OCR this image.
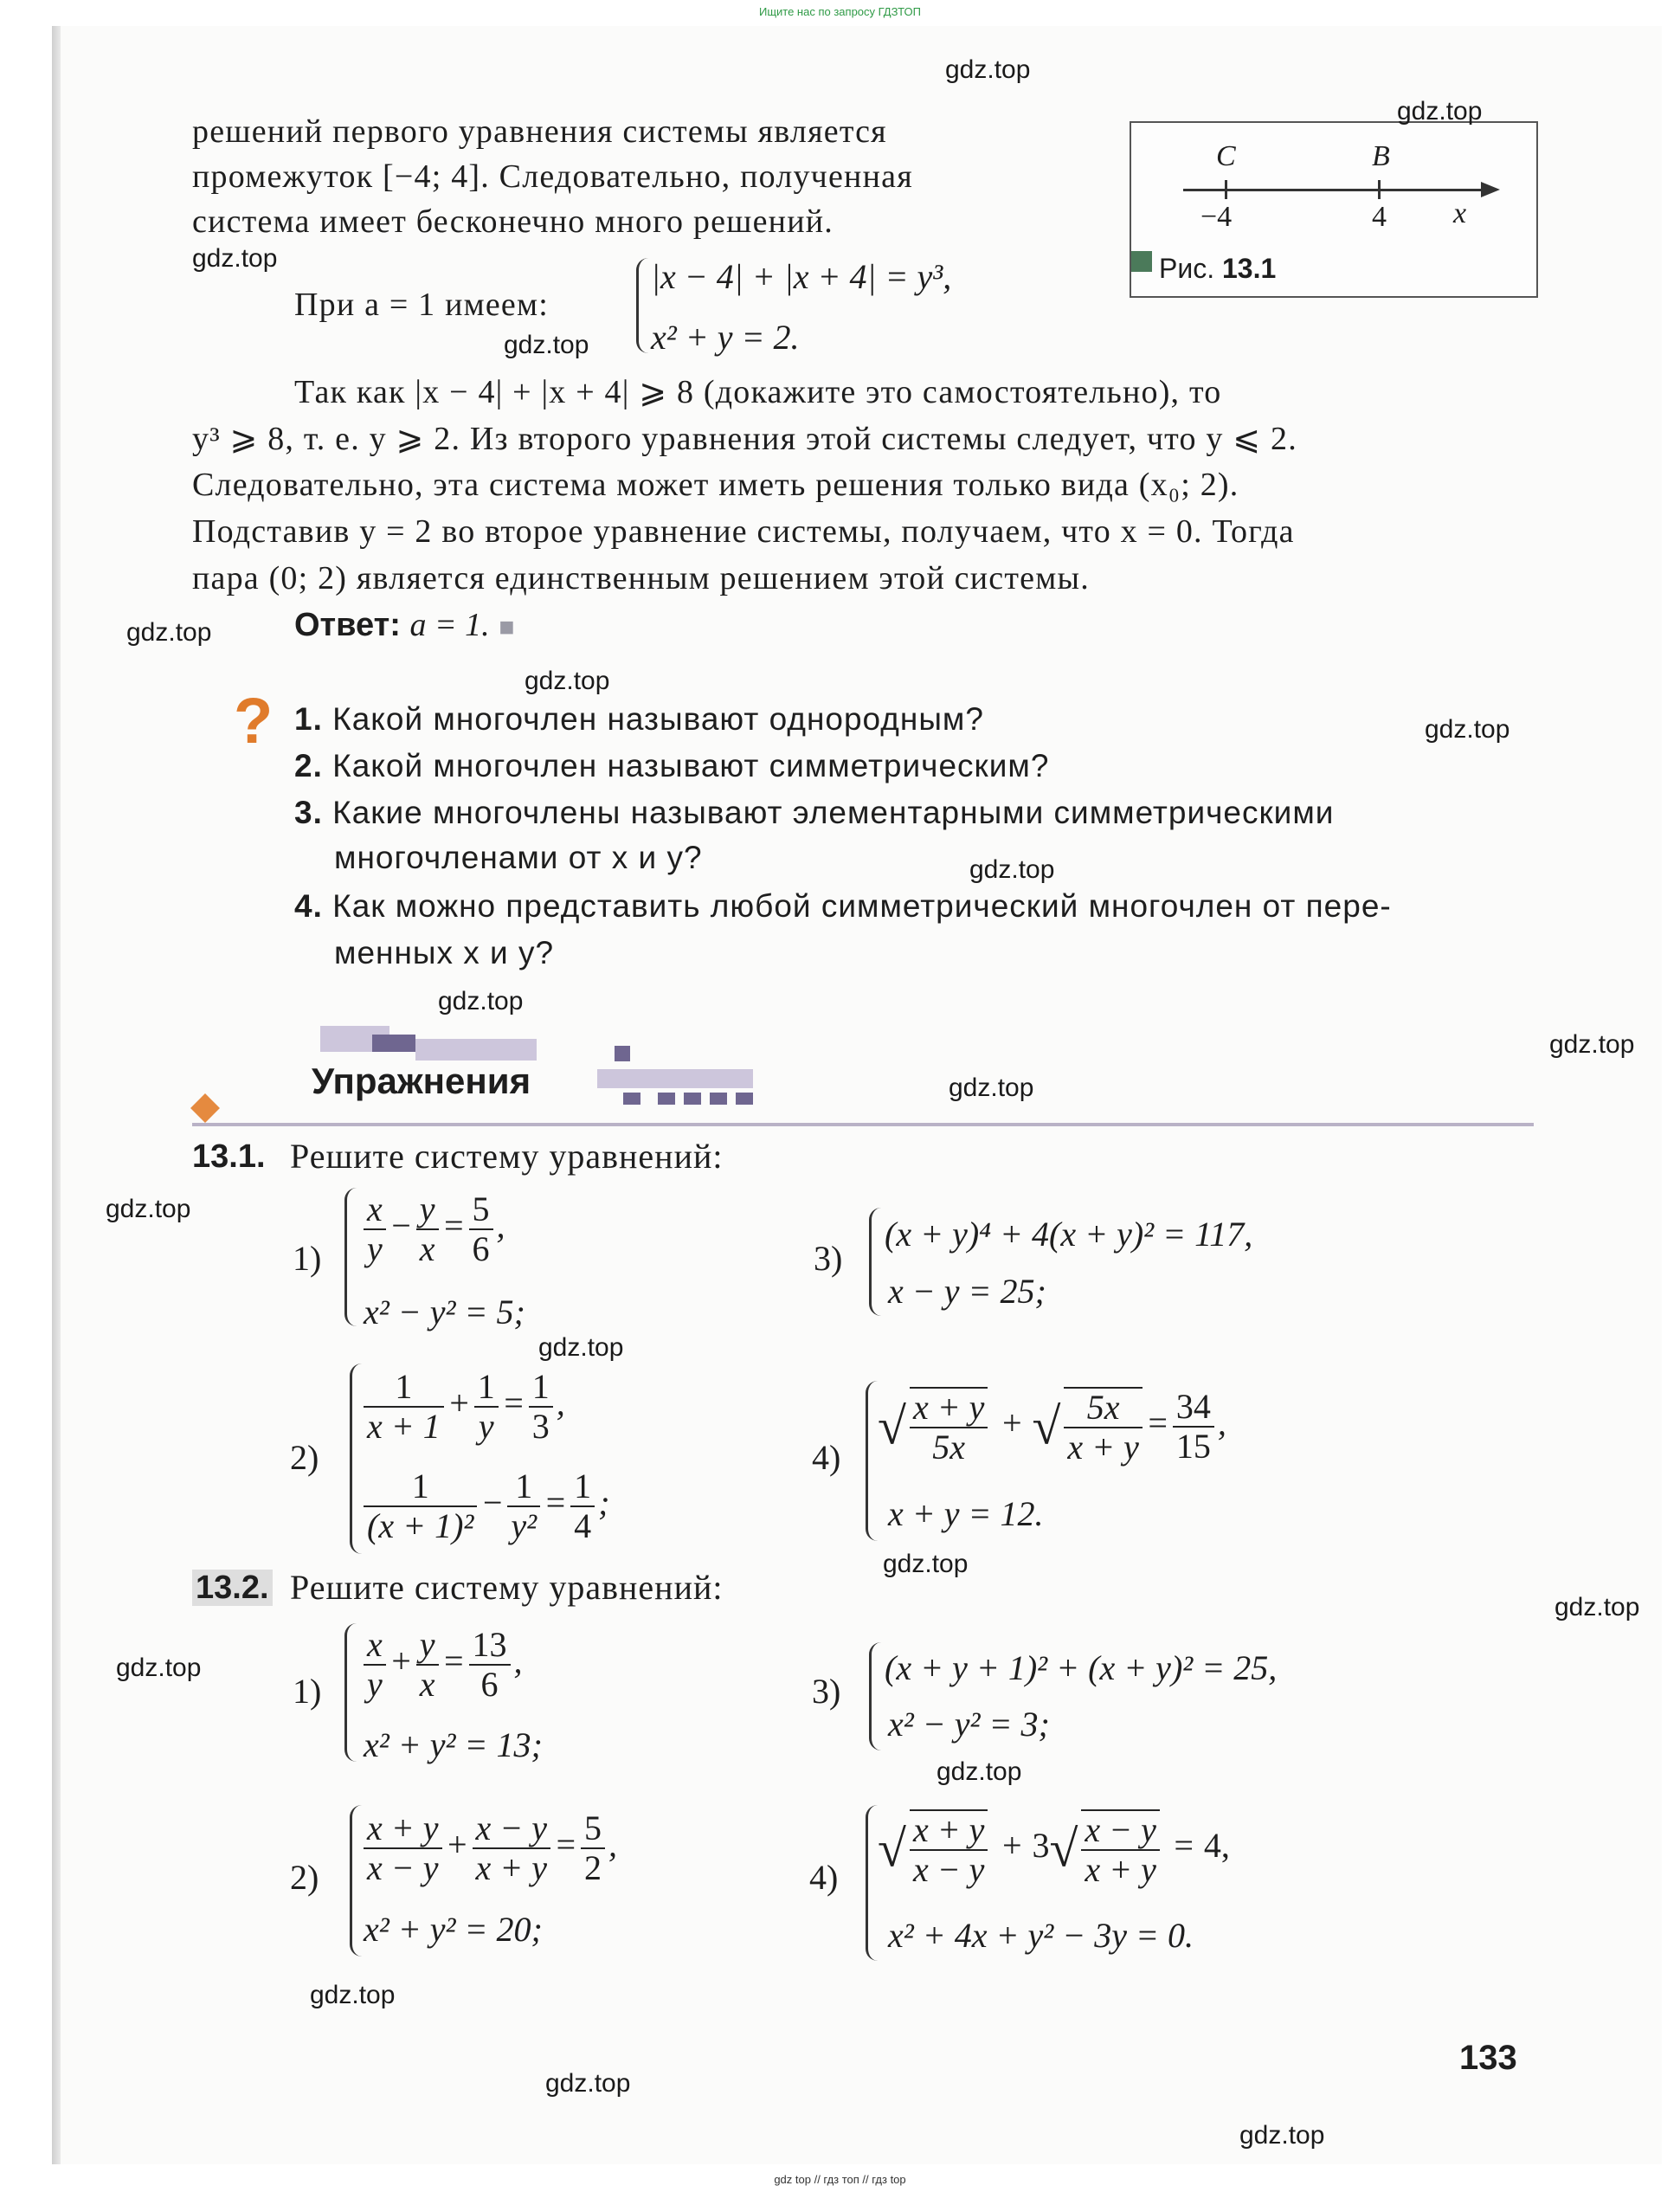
Ищите нас по запросу ГДЗТОП
решений первого уравнения системы является
промежуток [−4; 4]. Следовательно, полученная
система имеет бесконечно много решений.
При a = 1 имеем:
|x − 4| + |x + 4| = y³,
x² + y = 2.
C	B
−4	4 x
Рис. 13.1
Так как |x − 4| + |x + 4| ⩾ 8 (докажите это самостоятельно), то
y³ ⩾ 8, т. е. y ⩾ 2. Из второго уравнения этой системы следует, что y ⩽ 2.
Следовательно, эта система может иметь решения только вида (x₀; 2).
Подставив y = 2 во второе уравнение системы, получаем, что x = 0. Тогда
пара (0; 2) является единственным решением этой системы.
Ответ: a = 1. ■
? 1. Какой многочлен называют однородным?
2. Какой многочлен называют симметрическим?
3. Какие многочлены называют элементарными симметрическими
многочленами от x и y?
4. Как можно представить любой симметрический многочлен от пере-
менных x и y?
Упражнения
13.1. Решите систему уравнений:
$1) \frac{x}{y} - \frac{y}{x} = \frac{5}{6}$ ,
x² − y² = 5;
3)
(x + y)⁴ + 4(x + y)² = 117,
x − y = 25;
2)
$\frac{1}{x + 1} + \frac{1}{y} = \frac{1}{3}$ ,
$\frac{1}{\text{(x + 1)²}} - \frac{1}{\text{y²}} = \frac{1}{4}$ ;
4)
√ $\frac{x + y}{5x}$ + √ $\frac{5x}{x + y} = \frac{34}{15}$ ,
x + y = 12.
13.2. Решите систему уравнений:
$1) \frac{x}{y} + \frac{y}{x} = \frac{13}{6}$ ,
x² + y² = 13;
3)
(x + y + 1)² + (x + y)² = 25,
x² − y² = 3;
$2) \frac{x + y}{x - y} + \frac{x - y}{x + y} = \frac{5}{2}$ ,
x² + y² = 20;
4) √ $\frac{x + y}{x - y} + 3√ \frac{x - y}{x + y} = 4$,
x² + 4x + y² − 3y = 0.
133
gdz.top
gdz.top
gdz.top
gdz.top
gdz.top
gdz.top
gdz.top
gdz.top
gdz.top
gdz.top
gdz.top
gdz.top
gdz.top
gdz.top
gdz.top
gdz.top
gdz.top
gdz.top
gdz.top
gdz.top
gdz top // гдз топ // гдз top
